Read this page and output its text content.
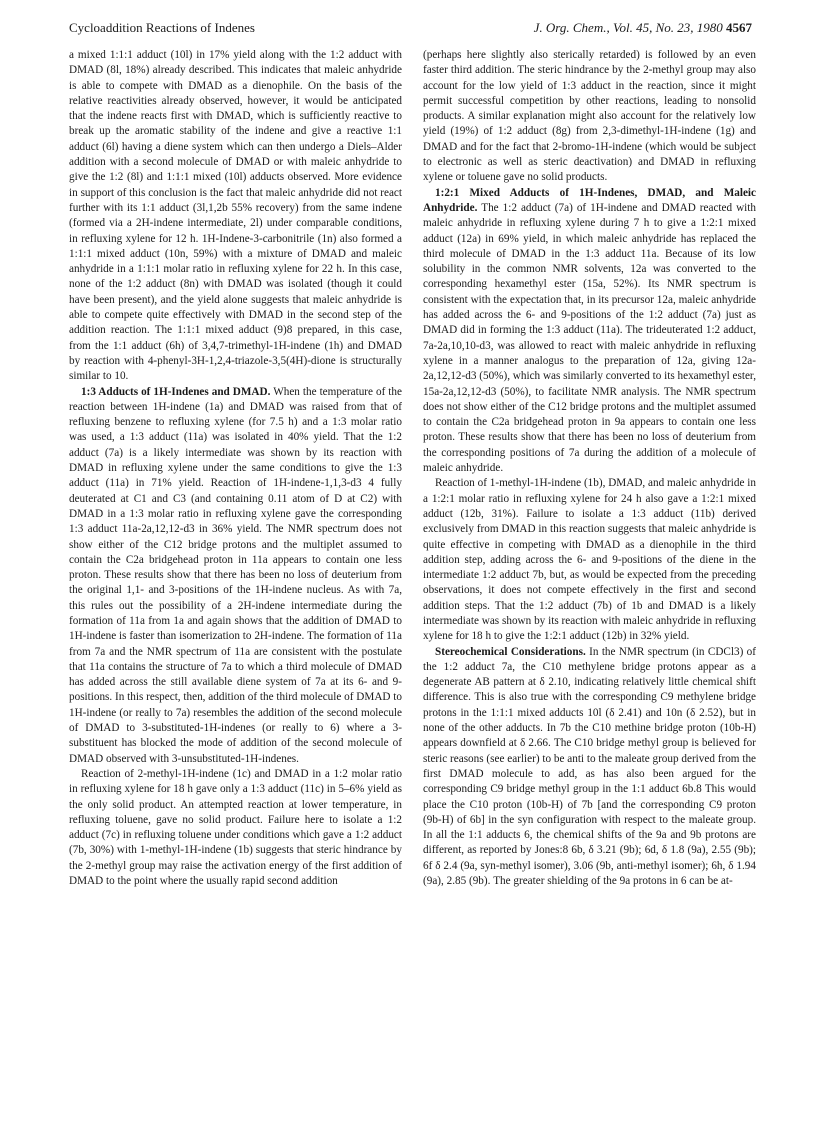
Cycloaddition Reactions of Indenes	J. Org. Chem., Vol. 45, No. 23, 1980 4567

a mixed 1:1:1 adduct (10l) in 17% yield along with the 1:2 adduct with DMAD (8l, 18%) already described. This indicates that maleic anhydride is able to compete with DMAD as a dienophile. On the basis of the relative reactivities already observed, however, it would be anticipated that the indene reacts first with DMAD, which is sufficiently reactive to break up the aromatic stability of the indene and give a reactive 1:1 adduct (6l) having a diene system which can then undergo a Diels–Alder addition with a second molecule of DMAD or with maleic anhydride to give the 1:2 (8l) and 1:1:1 mixed (10l) adducts observed. More evidence in support of this conclusion is the fact that maleic anhydride did not react further with its 1:1 adduct (3l,1,2b 55% recovery) from the same indene (formed via a 2H-indene intermediate, 2l) under comparable conditions, in refluxing xylene for 12 h. 1H-Indene-3-carbonitrile (1n) also formed a 1:1:1 mixed adduct (10n, 59%) with a mixture of DMAD and maleic anhydride in a 1:1:1 molar ratio in refluxing xylene for 22 h. In this case, none of the 1:2 adduct (8n) with DMAD was isolated (though it could have been present), and the yield alone suggests that maleic anhydride is able to compete quite effectively with DMAD in the second step of the addition reaction. The 1:1:1 mixed adduct (9)8 prepared, in this case, from the 1:1 adduct (6h) of 3,4,7-trimethyl-1H-indene (1h) and DMAD by reaction with 4-phenyl-3H-1,2,4-triazole-3,5(4H)-dione is structurally similar to 10.

1:3 Adducts of 1H-Indenes and DMAD. When the temperature of the reaction between 1H-indene (1a) and DMAD was raised from that of refluxing benzene to refluxing xylene (for 7.5 h) and a 1:3 molar ratio was used, a 1:3 adduct (11a) was isolated in 40% yield. That the 1:2 adduct (7a) is a likely intermediate was shown by its reaction with DMAD in refluxing xylene under the same conditions to give the 1:3 adduct (11a) in 71% yield. Reaction of 1H-indene-1,1,3-d3 4 fully deuterated at C1 and C3 (and containing 0.11 atom of D at C2) with DMAD in a 1:3 molar ratio in refluxing xylene gave the corresponding 1:3 adduct 11a-2a,12,12-d3 in 36% yield. The NMR spectrum does not show either of the C12 bridge protons and the multiplet assumed to contain the C2a bridgehead proton in 11a appears to contain one less proton. These results show that there has been no loss of deuterium from the original 1,1- and 3-positions of the 1H-indene nucleus. As with 7a, this rules out the possibility of a 2H-indene intermediate during the formation of 11a from 1a and again shows that the addition of DMAD to 1H-indene is faster than isomerization to 2H-indene. The formation of 11a from 7a and the NMR spectrum of 11a are consistent with the postulate that 11a contains the structure of 7a to which a third molecule of DMAD has added across the still available diene system of 7a at its 6- and 9-positions. In this respect, then, addition of the third molecule of DMAD to 1H-indene (or really to 7a) resembles the addition of the second molecule of DMAD to 3-substituted-1H-indenes (or really to 6) where a 3-substituent has blocked the mode of addition of the second molecule of DMAD observed with 3-unsubstituted-1H-indenes.

Reaction of 2-methyl-1H-indene (1c) and DMAD in a 1:2 molar ratio in refluxing xylene for 18 h gave only a 1:3 adduct (11c) in 5–6% yield as the only solid product. An attempted reaction at lower temperature, in refluxing toluene, gave no solid product. Failure here to isolate a 1:2 adduct (7c) in refluxing toluene under conditions which gave a 1:2 adduct (7b, 30%) with 1-methyl-1H-indene (1b) suggests that steric hindrance by the 2-methyl group may raise the activation energy of the first addition of DMAD to the point where the usually rapid second addition

(perhaps here slightly also sterically retarded) is followed by an even faster third addition. The steric hindrance by the 2-methyl group may also account for the low yield of 1:3 adduct in the reaction, since it might permit successful competition by other reactions, leading to nonsolid products. A similar explanation might also account for the relatively low yield (19%) of 1:2 adduct (8g) from 2,3-dimethyl-1H-indene (1g) and DMAD and for the fact that 2-bromo-1H-indene (which would be subject to electronic as well as steric deactivation) and DMAD in refluxing xylene or toluene gave no solid products.

1:2:1 Mixed Adducts of 1H-Indenes, DMAD, and Maleic Anhydride. The 1:2 adduct (7a) of 1H-indene and DMAD reacted with maleic anhydride in refluxing xylene during 7 h to give a 1:2:1 mixed adduct (12a) in 69% yield, in which maleic anhydride has replaced the third molecule of DMAD in the 1:3 adduct 11a. Because of its low solubility in the common NMR solvents, 12a was converted to the corresponding hexamethyl ester (15a, 52%). Its NMR spectrum is consistent with the expectation that, in its precursor 12a, maleic anhydride has added across the 6- and 9-positions of the 1:2 adduct (7a) just as DMAD did in forming the 1:3 adduct (11a). The trideuterated 1:2 adduct, 7a-2a,10,10-d3, was allowed to react with maleic anhydride in refluxing xylene in a manner analogus to the preparation of 12a, giving 12a-2a,12,12-d3 (50%), which was similarly converted to its hexamethyl ester, 15a-2a,12,12-d3 (50%), to facilitate NMR analysis. The NMR spectrum does not show either of the C12 bridge protons and the multiplet assumed to contain the C2a bridgehead proton in 9a appears to contain one less proton. These results show that there has been no loss of deuterium from the corresponding positions of 7a during the addition of a molecule of maleic anhydride.

Reaction of 1-methyl-1H-indene (1b), DMAD, and maleic anhydride in a 1:2:1 molar ratio in refluxing xylene for 24 h also gave a 1:2:1 mixed adduct (12b, 31%). Failure to isolate a 1:3 adduct (11b) derived exclusively from DMAD in this reaction suggests that maleic anhydride is quite effective in competing with DMAD as a dienophile in the third addition step, adding across the 6- and 9-positions of the diene in the intermediate 1:2 adduct 7b, but, as would be expected from the preceding observations, it does not compete effectively in the first and second addition steps. That the 1:2 adduct (7b) of 1b and DMAD is a likely intermediate was shown by its reaction with maleic anhydride in refluxing xylene for 18 h to give the 1:2:1 adduct (12b) in 32% yield.

Stereochemical Considerations. In the NMR spectrum (in CDCl3) of the 1:2 adduct 7a, the C10 methylene bridge protons appear as a degenerate AB pattern at δ 2.10, indicating relatively little chemical shift difference. This is also true with the corresponding C9 methylene bridge protons in the 1:1:1 mixed adducts 10l (δ 2.41) and 10n (δ 2.52), but in none of the other adducts. In 7b the C10 methine bridge proton (10b-H) appears downfield at δ 2.66. The C10 bridge methyl group is believed for steric reasons (see earlier) to be anti to the maleate group derived from the first DMAD molecule to add, as has also been argued for the corresponding C9 bridge methyl group in the 1:1 adduct 6b.8 This would place the C10 proton (10b-H) of 7b [and the corresponding C9 proton (9b-H) of 6b] in the syn configuration with respect to the maleate group. In all the 1:1 adducts 6, the chemical shifts of the 9a and 9b protons are different, as reported by Jones:8 6b, δ 3.21 (9b); 6d, δ 1.8 (9a), 2.55 (9b); 6f δ 2.4 (9a, syn-methyl isomer), 3.06 (9b, anti-methyl isomer); 6h, δ 1.94 (9a), 2.85 (9b). The greater shielding of the 9a protons in 6 can be at-
